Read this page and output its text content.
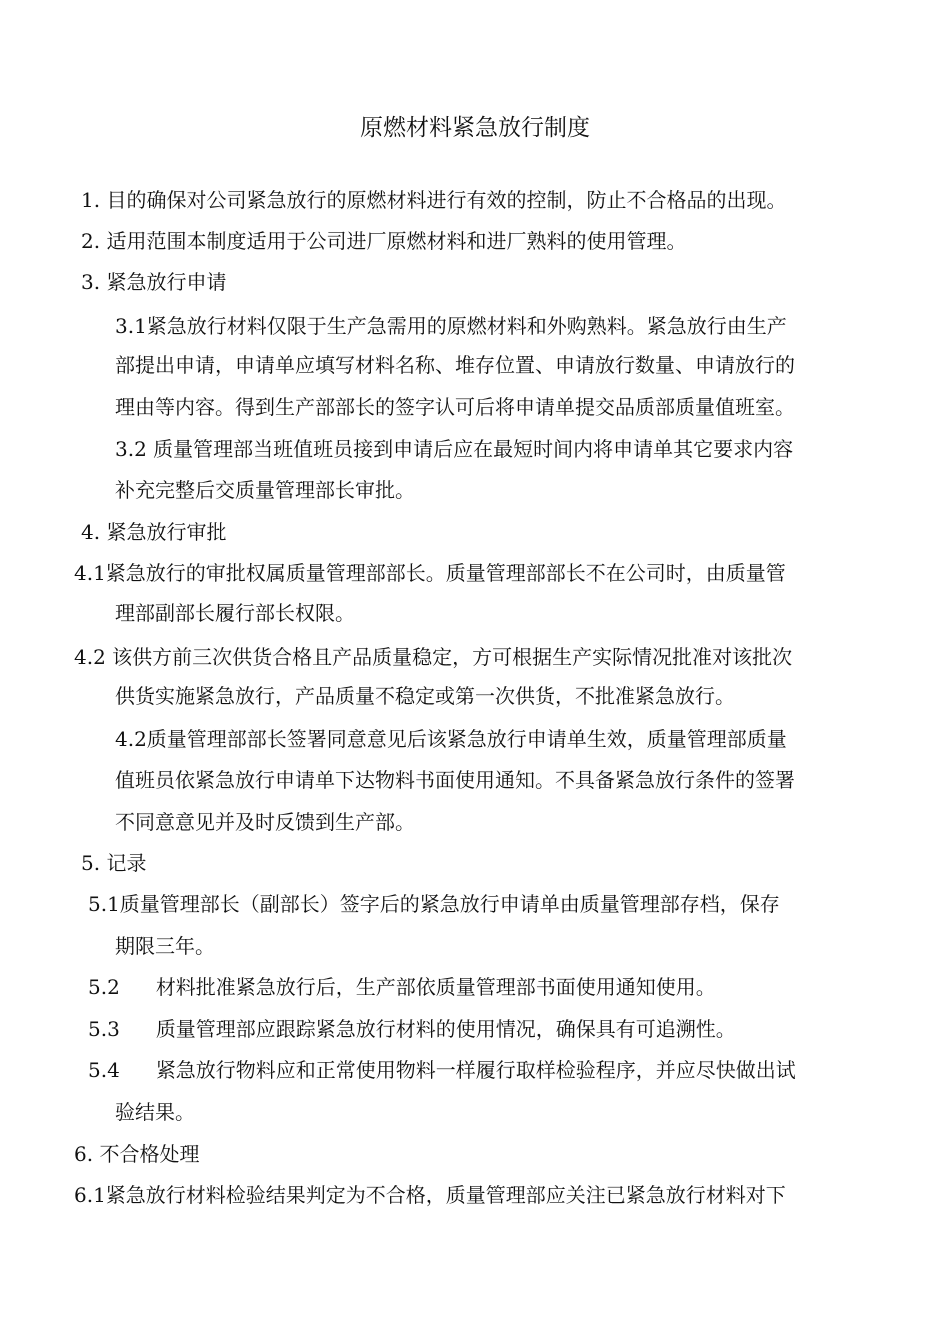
原燃材料紧急放行制度
1. 目的确保对公司紧急放行的原燃材料进行有效的控制，防止不合格品的出现。
2. 适用范围本制度适用于公司进厂原燃材料和进厂熟料的使用管理。
3. 紧急放行申请
3.1紧急放行材料仅限于生产急需用的原燃材料和外购熟料。紧急放行由生产
部提出申请，申请单应填写材料名称、堆存位置、申请放行数量、申请放行的
理由等内容。得到生产部部长的签字认可后将申请单提交品质部质量值班室。
3.2 质量管理部当班值班员接到申请后应在最短时间内将申请单其它要求内容
补充完整后交质量管理部长审批。
4. 紧急放行审批
4.1紧急放行的审批权属质量管理部部长。质量管理部部长不在公司时，由质量管
理部副部长履行部长权限。
4.2 该供方前三次供货合格且产品质量稳定，方可根据生产实际情况批准对该批次
供货实施紧急放行，产品质量不稳定或第一次供货，不批准紧急放行。
4.2质量管理部部长签署同意意见后该紧急放行申请单生效，质量管理部质量
值班员依紧急放行申请单下达物料书面使用通知。不具备紧急放行条件的签署
不同意意见并及时反馈到生产部。
5. 记录
5.1质量管理部长（副部长）签字后的紧急放行申请单由质量管理部存档，保存
期限三年。
5.2 材料批准紧急放行后，生产部依质量管理部书面使用通知使用。
5.3 质量管理部应跟踪紧急放行材料的使用情况，确保具有可追溯性。
5.4 紧急放行物料应和正常使用物料一样履行取样检验程序，并应尽快做出试
验结果。
6. 不合格处理
6.1紧急放行材料检验结果判定为不合格，质量管理部应关注已紧急放行材料对下
